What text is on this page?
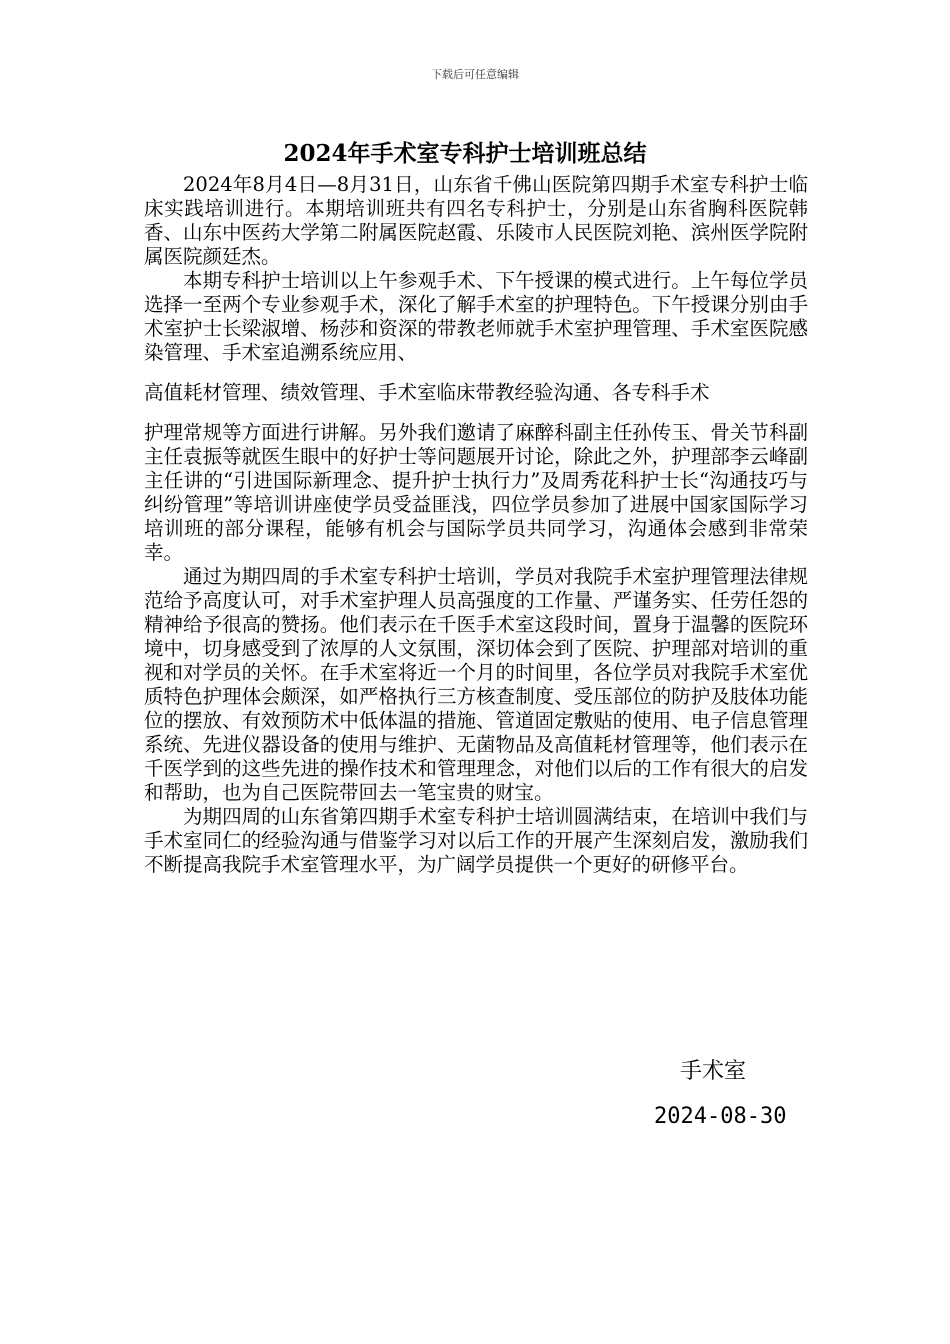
下载后可任意编辑
2024年手术室专科护士培训班总结

2024年8月4日—8月31日，山东省千佛山医院第四期手术室专科护士临床实践培训进行。本期培训班共有四名专科护士，分别是山东省胸科医院韩香、山东中医药大学第二附属医院赵霞、乐陵市人民医院刘艳、滨州医学院附属医院颜廷杰。

本期专科护士培训以上午参观手术、下午授课的模式进行。上午每位学员选择一至两个专业参观手术，深化了解手术室的护理特色。下午授课分别由手术室护士长梁淑增、杨莎和资深的带教老师就手术室护理管理、手术室医院感染管理、手术室追溯系统应用、

高值耗材管理、绩效管理、手术室临床带教经验沟通、各专科手术

护理常规等方面进行讲解。另外我们邀请了麻醉科副主任孙传玉、骨关节科副主任袁振等就医生眼中的好护士等问题展开讨论，除此之外，护理部李云峰副主任讲的“引进国际新理念、提升护士执行力”及周秀花科护士长“沟通技巧与纠纷管理”等培训讲座使学员受益匪浅，四位学员参加了进展中国家国际学习培训班的部分课程，能够有机会与国际学员共同学习，沟通体会感到非常荣幸。

通过为期四周的手术室专科护士培训，学员对我院手术室护理管理法律规范给予高度认可，对手术室护理人员高强度的工作量、严谨务实、任劳任怨的精神给予很高的赞扬。他们表示在千医手术室这段时间，置身于温馨的医院环境中，切身感受到了浓厚的人文氛围，深切体会到了医院、护理部对培训的重视和对学员的关怀。在手术室将近一个月的时间里，各位学员对我院手术室优质特色护理体会颇深，如严格执行三方核查制度、受压部位的防护及肢体功能位的摆放、有效预防术中低体温的措施、管道固定敷贴的使用、电子信息管理系统、先进仪器设备的使用与维护、无菌物品及高值耗材管理等，他们表示在千医学到的这些先进的操作技术和管理理念，对他们以后的工作有很大的启发和帮助，也为自己医院带回去一笔宝贵的财宝。

为期四周的山东省第四期手术室专科护士培训圆满结束，在培训中我们与手术室同仁的经验沟通与借鉴学习对以后工作的开展产生深刻启发，激励我们不断提高我院手术室管理水平，为广阔学员提供一个更好的研修平台。

手术室
2024-08-30
